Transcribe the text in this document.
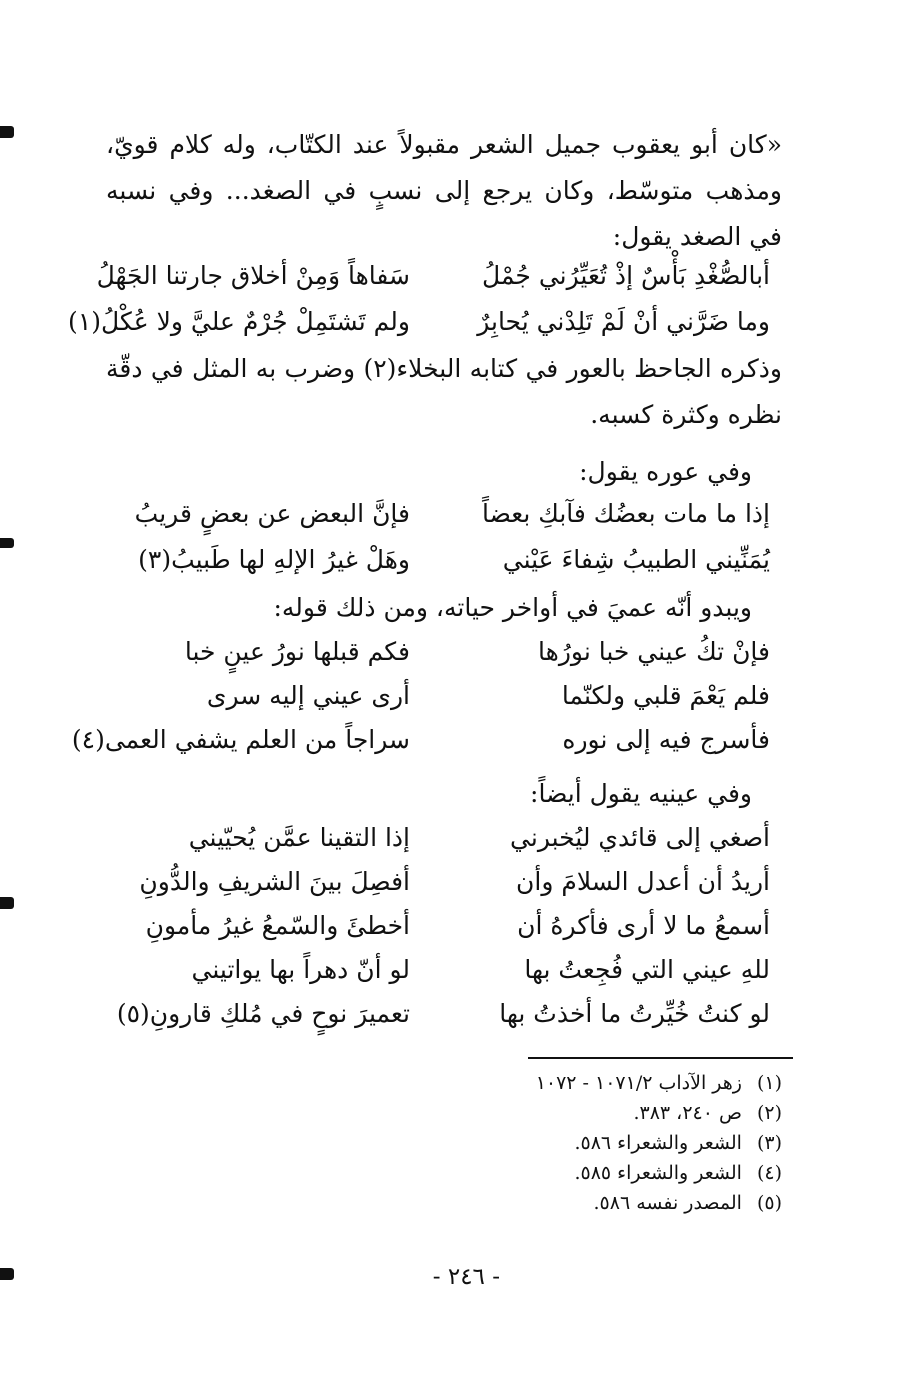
«كان أبو يعقوب جميل الشعر مقبولاً عند الكتّاب، وله كلام قويّ، ومذهب متوسّط، وكان يرجع إلى نسبٍ في الصغد... وفي نسبه في الصغد يقول:

أبالصُّغْدِ بَأْسٌ إذْ تُعَيِّرُني جُمْلُ
سَفاهاً وَمِنْ أخلاق جارتنا الجَهْلُ
وما ضَرَّني أنْ لَمْ تَلِدْني يُحابِرٌ
ولم تَشتَمِلْ جُرْمٌ عليَّ ولا عُكْلُ(١)

وذكره الجاحظ بالعور في كتابه البخلاء(٢) وضرب به المثل في دقّة نظره وكثرة كسبه.

وفي عوره يقول:

إذا ما مات بعضُك فآبكِ بعضاً
فإنَّ البعض عن بعضٍ قريبُ
يُمَنِّيني الطبيبُ شِفاءَ عَيْني
وهَلْ غيرُ الإلهِ لها طَبيبُ(٣)

ويبدو أنّه عميَ في أواخر حياته، ومن ذلك قوله:

فإنْ تكُ عيني خبا نورُها
فكم قبلها نورُ عينٍ خبا
فلم يَعْمَ قلبي ولكنّما
أرى عيني إليه سرى
فأسرج فيه إلى نوره
سراجاً من العلم يشفي العمى(٤)

وفي عينيه يقول أيضاً:

أصغي إلى قائدي ليُخبرني
إذا التقينا عمَّن يُحيّيني
أريدُ أن أعدل السلامَ وأن
أفصِلَ بينَ الشريفِ والدُّونِ
أسمعُ ما لا أرى فأكرهُ أن
أخطئَ والسّمعُ غيرُ مأمونِ
للهِ عيني التي فُجِعتُ بها
لو أنّ دهراً بها يواتيني
لو كنتُ خُيِّرتُ ما أخذتُ بها
تعميرَ نوحٍ في مُلكِ قارونِ(٥)
(١) زهر الآداب ١٠٧١/٢ - ١٠٧٢
(٢) ص ٢٤٠، ٣٨٣.
(٣) الشعر والشعراء ٥٨٦.
(٤) الشعر والشعراء ٥٨٥.
(٥) المصدر نفسه ٥٨٦.
- ٢٤٦ -
